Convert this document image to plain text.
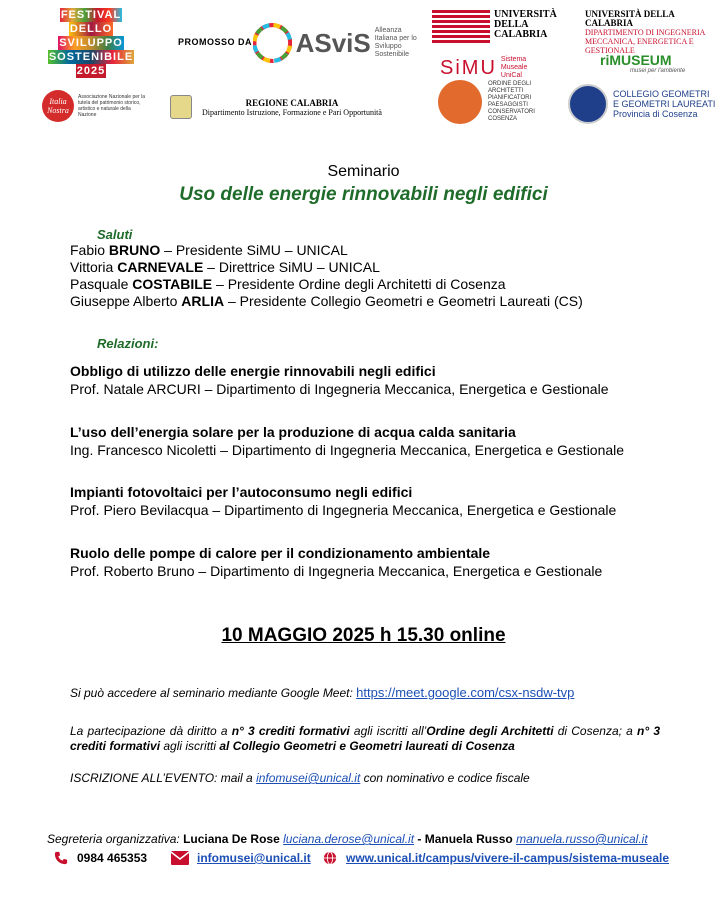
FESTIVAL
DELLO
SVILUPPO
SOSTENIBILE
2025
PROMOSSO DA ASviS Alleanza Italiana per lo Sviluppo Sostenibile
UNIVERSITÀ
DELLA
CALABRIA
UNIVERSITÀ DELLA CALABRIA
DIPARTIMENTO DI INGEGNERIA MECCANICA, ENERGETICA E GESTIONALE
SiMU Sistema Museale UniCal
riMUSEUM
musei per l'ambiente
Italia Nostra
Associazione Nazionale per la tutela del patrimonio storico, artistico e naturale della Nazione
REGIONE CALABRIA
Dipartimento Istruzione, Formazione e Pari Opportunità
ORDINE DEGLI ARCHITETTI PIANIFICATORI PAESAGGISTI CONSERVATORI COSENZA
COLLEGIO GEOMETRI
E GEOMETRI LAUREATI
Provincia di Cosenza
Seminario
Uso delle energie rinnovabili negli edifici
Saluti
Fabio BRUNO – Presidente SiMU – UNICAL
Vittoria CARNEVALE – Direttrice SiMU – UNICAL
Pasquale COSTABILE – Presidente Ordine degli Architetti di Cosenza
Giuseppe Alberto ARLIA – Presidente Collegio Geometri e Geometri Laureati (CS)
Relazioni:
Obbligo di utilizzo delle energie rinnovabili negli edifici
Prof. Natale ARCURI – Dipartimento di Ingegneria Meccanica, Energetica e Gestionale
L’uso dell’energia solare per la produzione di acqua calda sanitaria
Ing. Francesco Nicoletti – Dipartimento di Ingegneria Meccanica, Energetica e Gestionale
Impianti fotovoltaici per l’autoconsumo negli edifici
Prof. Piero Bevilacqua – Dipartimento di Ingegneria Meccanica, Energetica e Gestionale
Ruolo delle pompe di calore per il condizionamento ambientale
Prof. Roberto Bruno – Dipartimento di Ingegneria Meccanica, Energetica e Gestionale
10 MAGGIO 2025 h 15.30 online
Si può accedere al seminario mediante Google Meet: https://meet.google.com/csx-nsdw-tvp
La partecipazione dà diritto a n° 3 crediti formativi agli iscritti all’Ordine degli Architetti di Cosenza; a n° 3 crediti formativi agli iscritti al Collegio Geometri e Geometri laureati di Cosenza
ISCRIZIONE ALL’EVENTO: mail a infomusei@unical.it con nominativo e codice fiscale
Segreteria organizzativa: Luciana De Rose luciana.derose@unical.it - Manuela Russo manuela.russo@unical.it
0984 465353	infomusei@unical.it	www.unical.it/campus/vivere-il-campus/sistema-museale
